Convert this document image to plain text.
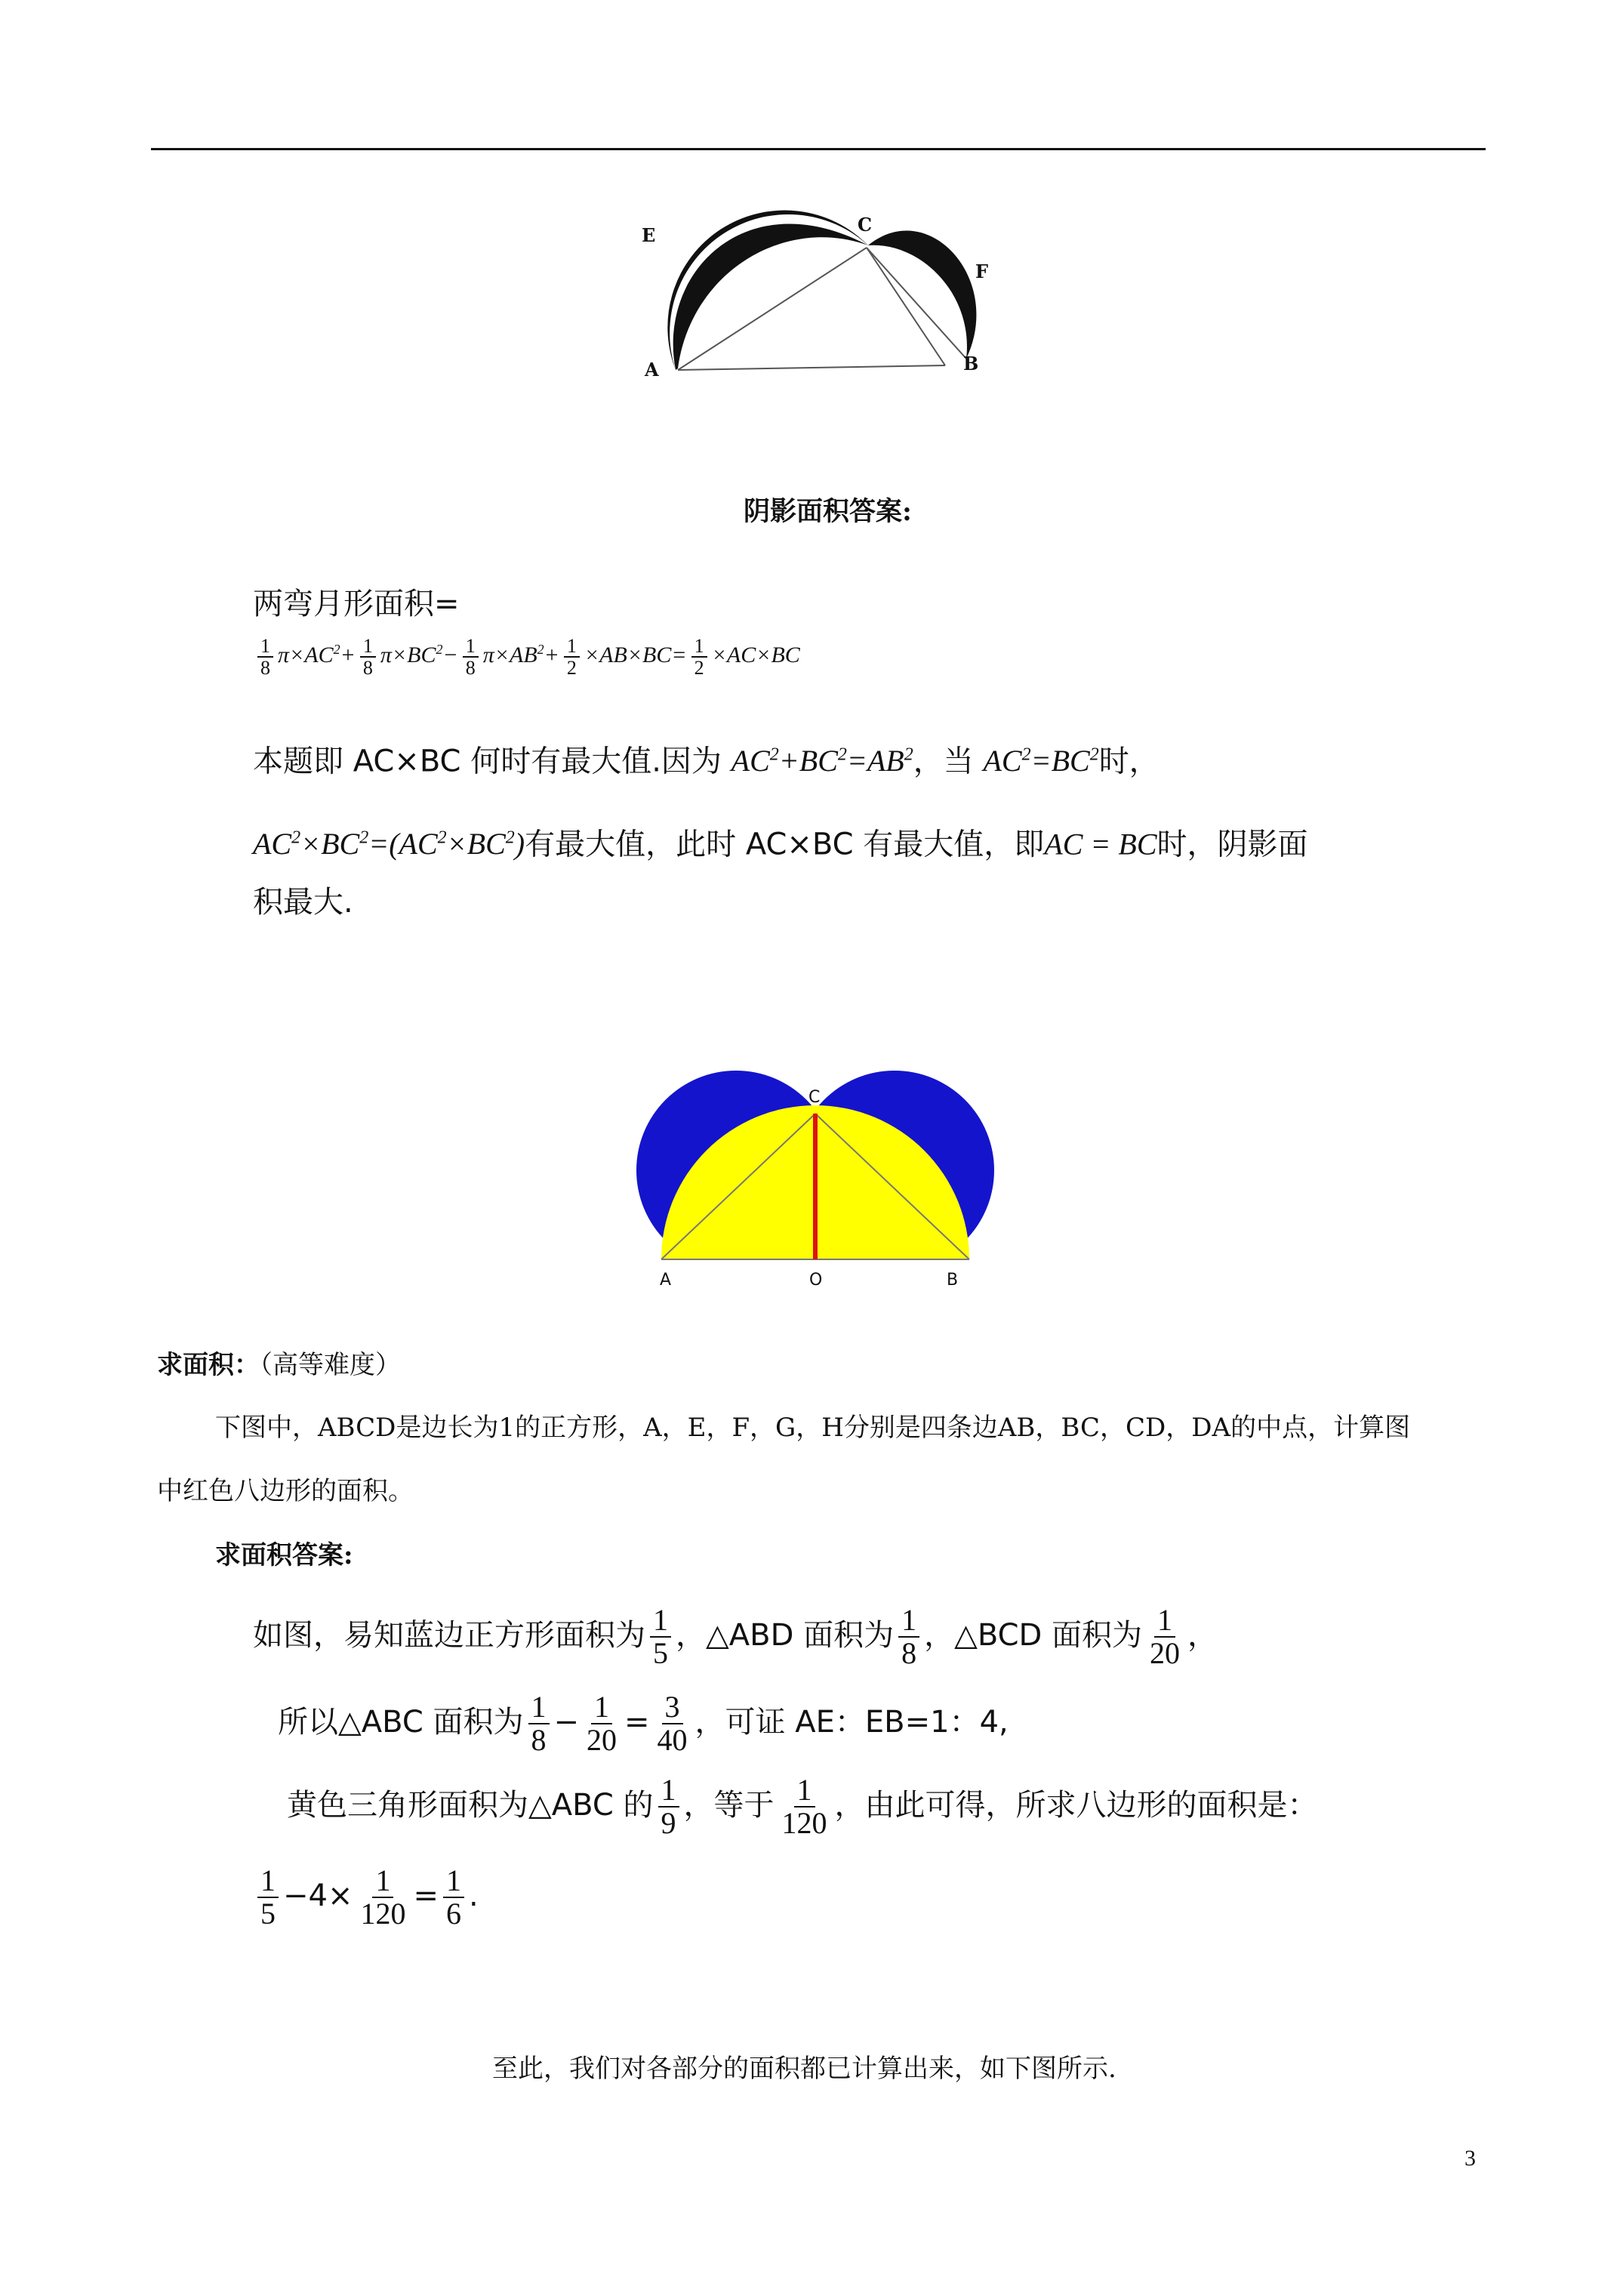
E	C
F
A	B
阴影面积答案:
两弯月形面积=
$\frac{1}{8} \pi\times AC^2+ \frac{1}{8} \pi\times BC^2- \frac{1}{8} \pi\times AB^2+ \frac{1}{2} \times AB\times BC= \frac{1}{2} \times AC\times BC$
本题即 AC×BC 何时有最大值.因为 $AC^2+BC^2=AB^2$，当 $AC^2=BC^2$时，
$AC^2\times BC^2=(AC^2\times BC^2)$有最大值，此时 AC×BC 有最大值，即AC = BC时，阴影面
积最大.
C
A	O	B
求面积：（高等难度）
下图中，ABCD是边长为1的正方形，A，E，F，G，H分别是四条边AB，BC，CD，DA的中点，计算图
中红色八边形的面积。
求面积答案:
如图，易知蓝边正方形面积为 $\frac{1}{5}$ ，△ABD 面积为 $\frac{1}{8}$ ，△BCD 面积为 $\frac{1}{20}$ ，
所以△ABC 面积为 $\frac{1}{8} - \frac{1}{20} = \frac{3}{40}$ ，可证 AE：EB=1：4,
黄色三角形面积为△ABC 的 $\frac{1}{9}$ ，等于 $\frac{1}{120}$ ，由此可得，所求八边形的面积是：
$\frac{1}{5} -4\times \frac{1}{120} = \frac{1}{6}$ .
至此，我们对各部分的面积都已计算出来，如下图所示.
3
